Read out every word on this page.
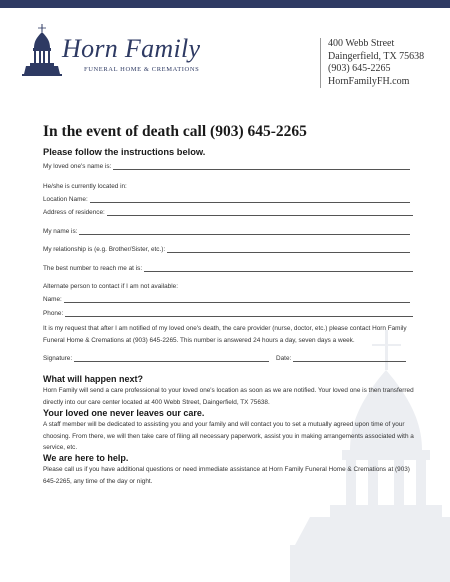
Horn Family
FUNERAL HOME & CREMATIONS
400 Webb Street
Daingerfield, TX 75638
(903) 645-2265
HornFamilyFH.com
In the event of death call (903) 645-2265
Please follow the instructions below.
My loved one's name is:
He/she is currently located in:
Location Name:
Address of residence:
My name is:
My relationship is (e.g. Brother/Sister, etc.):
The best number to reach me at is:
Alternate person to contact if I am not available:
Name:
Phone:
It is my request that after I am notified of my loved one's death, the care provider (nurse, doctor, etc.) please contact Horn Family Funeral Home & Cremations at (903) 645-2265. This number is answered 24 hours a day, seven days a week.
Signature:	Date:
What will happen next?
Horn Family will send a care professional to your loved one's location as soon as we are notified. Your loved one is then transferred directly into our care center located at 400 Webb Street, Daingerfield, TX 75638.
Your loved one never leaves our care.
A staff member will be dedicated to assisting you and your family and will contact you to set a mutually agreed upon time of your choosing. From there, we will then take care of filing all necessary paperwork, assist you in making arrangements associated with a service, etc.
We are here to help.
Please call us if you have additional questions or need immediate assistance at Horn Family Funeral Home & Cremations at (903) 645-2265, any time of the day or night.
